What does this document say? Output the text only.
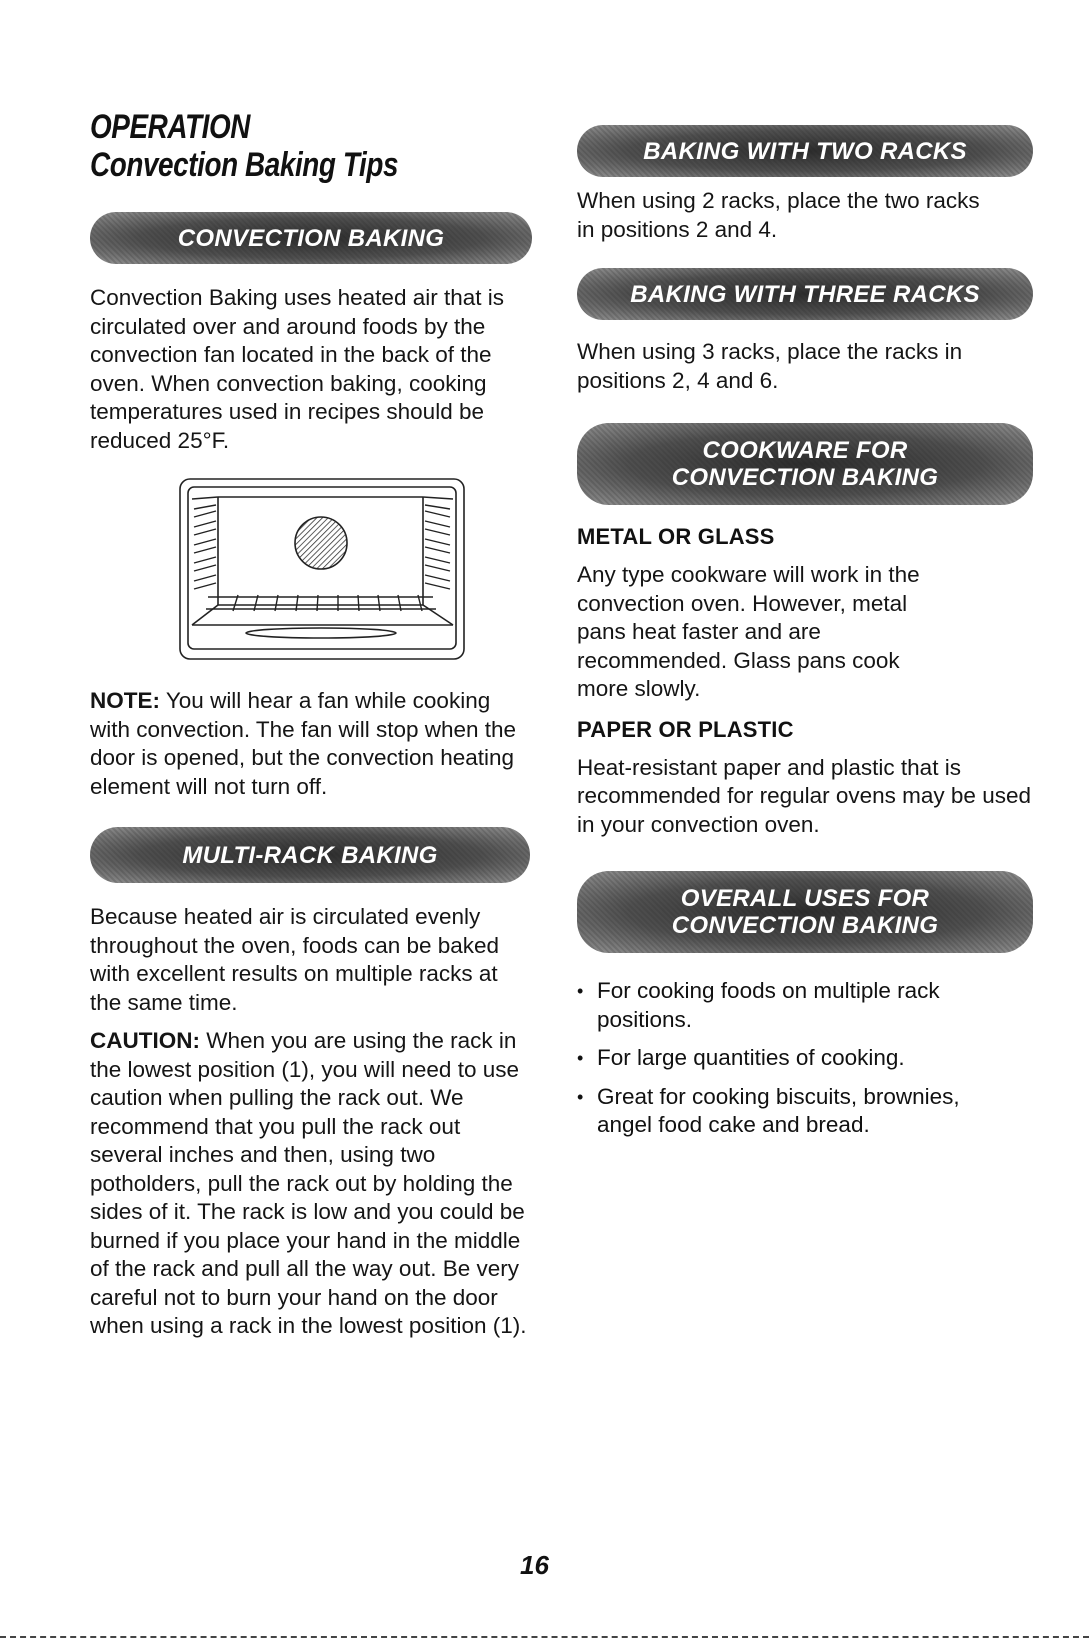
OPERATION
Convection Baking Tips
CONVECTION BAKING

Convection Baking uses heated air that is circulated over and around foods by the convection fan located in the back of the oven. When convection baking, cooking temperatures used in recipes should be reduced 25°F.

NOTE: You will hear a fan while cooking with convection. The fan will stop when the door is opened, but the convection heating element will not turn off.

MULTI-RACK BAKING

Because heated air is circulated evenly throughout the oven, foods can be baked with excellent results on multiple racks at the same time.

CAUTION: When you are using the rack in the lowest position (1), you will need to use caution when pulling the rack out. We recommend that you pull the rack out several inches and then, using two potholders, pull the rack out by holding the sides of it. The rack is low and you could be burned if you place your hand in the middle of the rack and pull all the way out. Be very careful not to burn your hand on the door when using a rack in the lowest position (1).

BAKING WITH TWO RACKS

When using 2 racks, place the two racks in positions 2 and 4.

BAKING WITH THREE RACKS

When using 3 racks, place the racks in positions 2, 4 and 6.

COOKWARE FOR
CONVECTION BAKING
METAL OR GLASS

Any type cookware will work in the convection oven. However, metal pans heat faster and are recommended. Glass pans cook more slowly.

PAPER OR PLASTIC

Heat-resistant paper and plastic that is recommended for regular ovens may be used in your convection oven.

OVERALL USES FOR
CONVECTION BAKING
• For cooking foods on multiple rack positions.
• For large quantities of cooking.
• Great for cooking biscuits, brownies, angel food cake and bread.
16
